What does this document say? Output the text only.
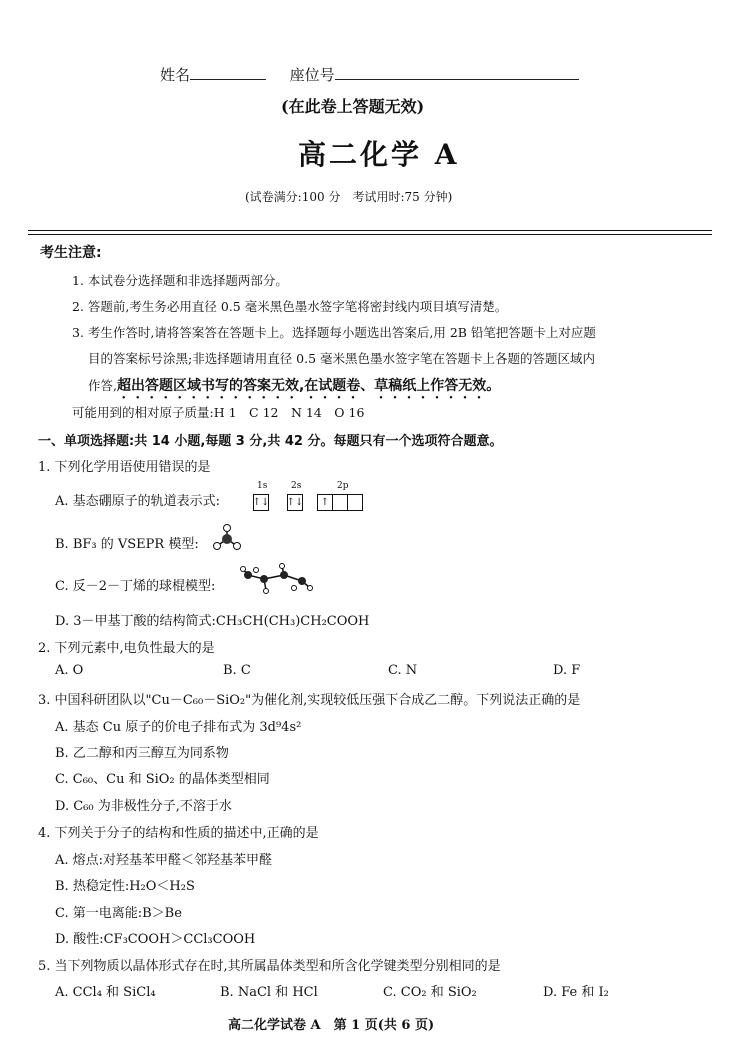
姓名	座位号
(在此卷上答题无效)
高二化学 A
(试卷满分:100 分　考试用时:75 分钟)
考生注意:
1. 本试卷分选择题和非选择题两部分。
2. 答题前,考生务必用直径 0.5 毫米黑色墨水签字笔将密封线内项目填写清楚。
3. 考生作答时,请将答案答在答题卡上。选择题每小题选出答案后,用 2B 铅笔把答题卡上对应题
目的答案标号涂黑;非选择题请用直径 0.5 毫米黑色墨水签字笔在答题卡上各题的答题区域内
作答,超出答题区域书写的答案无效,在试题卷、草稿纸上作答无效。
可能用到的相对原子质量:H 1　C 12　N 14　O 16
一、单项选择题:共 14 小题,每题 3 分,共 42 分。每题只有一个选项符合题意。
1. 下列化学用语使用错误的是
A. 基态硼原子的轨道表示式:
1s
↑↓
2s
↑↓
2p
↑
B. BF₃ 的 VSEPR 模型:
C. 反－2－丁烯的球棍模型:
D. 3－甲基丁酸的结构简式:CH₃CH(CH₃)CH₂COOH
2. 下列元素中,电负性最大的是
A. O	B. C	C. N	D. F
3. 中国科研团队以"Cu－C₆₀－SiO₂"为催化剂,实现较低压强下合成乙二醇。下列说法正确的是
A. 基态 Cu 原子的价电子排布式为 3d⁹4s²
B. 乙二醇和丙三醇互为同系物
C. C₆₀、Cu 和 SiO₂ 的晶体类型相同
D. C₆₀ 为非极性分子,不溶于水
4. 下列关于分子的结构和性质的描述中,正确的是
A. 熔点:对羟基苯甲醛＜邻羟基苯甲醛
B. 热稳定性:H₂O＜H₂S
C. 第一电离能:B＞Be
D. 酸性:CF₃COOH＞CCl₃COOH
5. 当下列物质以晶体形式存在时,其所属晶体类型和所含化学键类型分别相同的是
A. CCl₄ 和 SiCl₄	B. NaCl 和 HCl	C. CO₂ 和 SiO₂	D. Fe 和 I₂
高二化学试卷 A　第 1 页(共 6 页)
